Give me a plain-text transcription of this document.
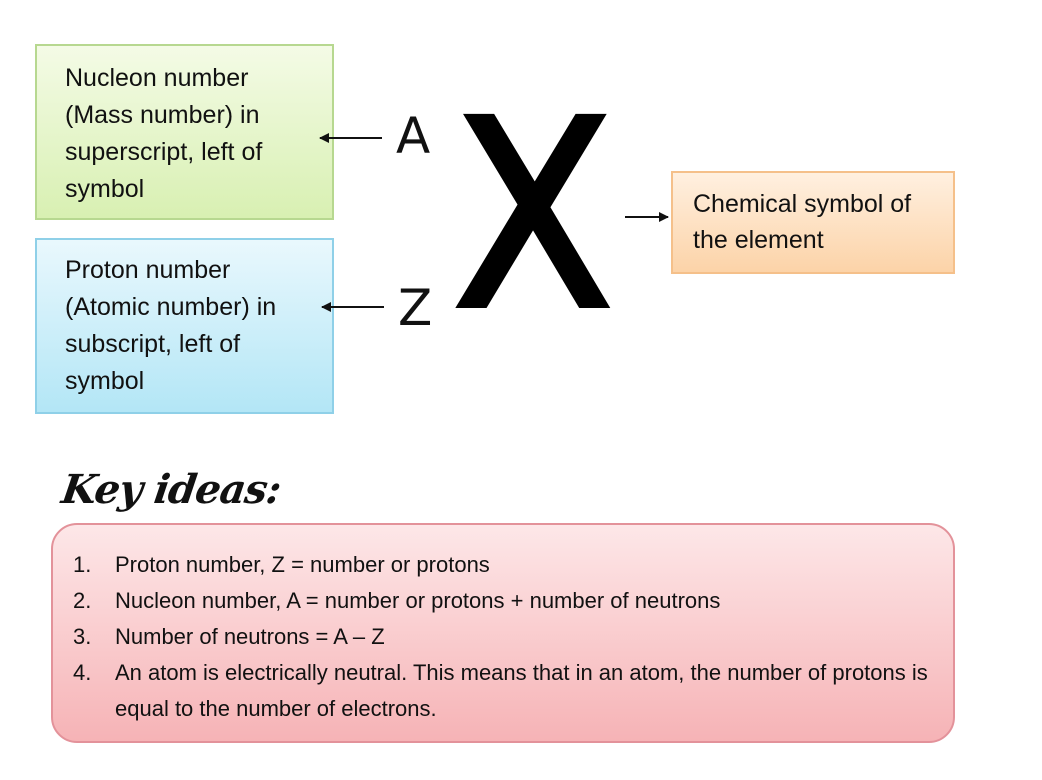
Nucleon number (Mass number) in superscript, left of symbol
Proton number (Atomic number) in subscript, left of symbol
Chemical symbol of the element
A
Z X
Key ideas:
1.	Proton number, Z = number or protons
2.	Nucleon number, A = number or protons + number of neutrons
3.	Number of neutrons = A – Z
4.	An atom is electrically neutral. This means that in an atom, the number of protons is equal to the number of electrons.
